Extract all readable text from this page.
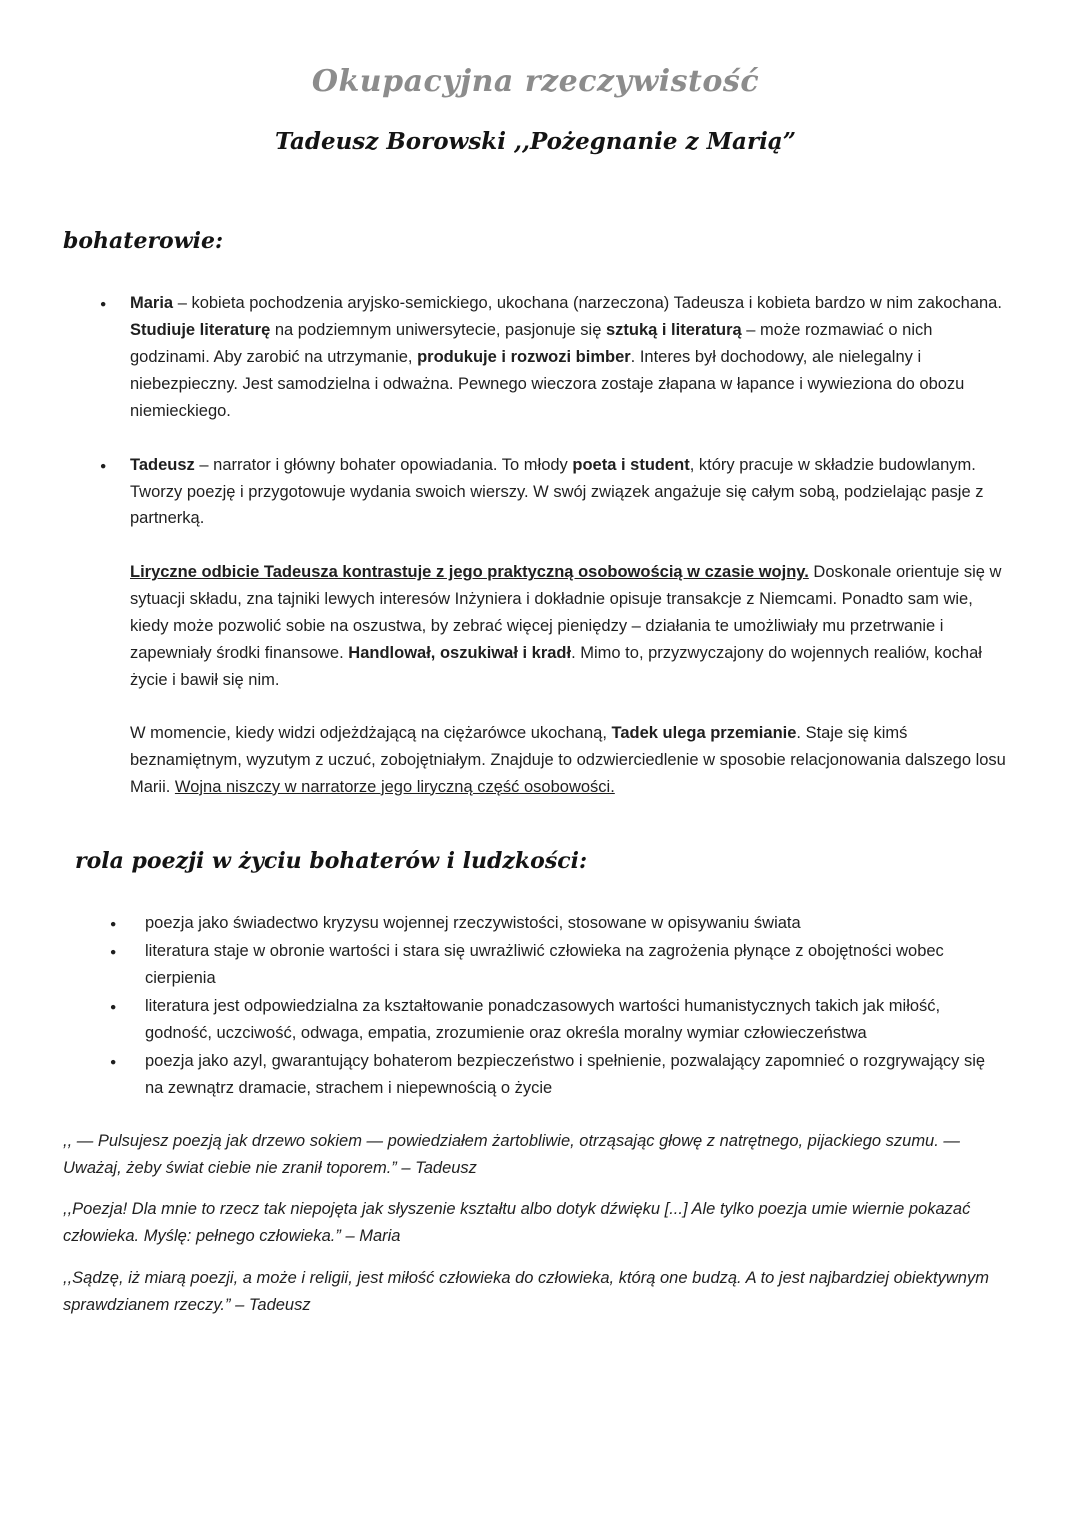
Okupacyjna rzeczywistość
Tadeusz Borowski ,,Pożegnanie z Marią”
bohaterowie:
●
Maria – kobieta pochodzenia aryjsko-semickiego, ukochana (narzeczona) Tadeusza i kobieta bardzo w nim zakochana. Studiuje literaturę na podziemnym uniwersytecie, pasjonuje się sztuką i literaturą – może rozmawiać o nich godzinami. Aby zarobić na utrzymanie, produkuje i rozwozi bimber. Interes był dochodowy, ale nielegalny i niebezpieczny. Jest samodzielna i odważna. Pewnego wieczora zostaje złapana w łapance i wywieziona do obozu niemieckiego.
●
Tadeusz – narrator i główny bohater opowiadania. To młody poeta i student, który pracuje w składzie budowlanym. Tworzy poezję i przygotowuje wydania swoich wierszy. W swój związek angażuje się całym sobą, podzielając pasje z partnerką.

Liryczne odbicie Tadeusza kontrastuje z jego praktyczną osobowością w czasie wojny. Doskonale orientuje się w sytuacji składu, zna tajniki lewych interesów Inżyniera i dokładnie opisuje transakcje z Niemcami. Ponadto sam wie, kiedy może pozwolić sobie na oszustwa, by zebrać więcej pieniędzy – działania te umożliwiały mu przetrwanie i zapewniały środki finansowe. Handlował, oszukiwał i kradł. Mimo to, przyzwyczajony do wojennych realiów, kochał życie i bawił się nim.

W momencie, kiedy widzi odjeżdżającą na ciężarówce ukochaną, Tadek ulega przemianie. Staje się kimś beznamiętnym, wyzutym z uczuć, zobojętniałym. Znajduje to odzwierciedlenie w sposobie relacjonowania dalszego losu Marii. Wojna niszczy w narratorze jego liryczną część osobowości.

rola poezji w życiu bohaterów i ludzkości:
●
poezja jako świadectwo kryzysu wojennej rzeczywistości, stosowane w opisywaniu świata
●
literatura staje w obronie wartości i stara się uwrażliwić człowieka na zagrożenia płynące z obojętności wobec cierpienia
●
literatura jest odpowiedzialna za kształtowanie ponadczasowych wartości humanistycznych takich jak miłość, godność, uczciwość, odwaga, empatia, zrozumienie oraz określa moralny wymiar człowieczeństwa
●
poezja jako azyl, gwarantujący bohaterom bezpieczeństwo i spełnienie, pozwalający zapomnieć o rozgrywający się na zewnątrz dramacie, strachem i niepewnością o życie

,, — Pulsujesz poezją jak drzewo sokiem — powiedziałem żartobliwie, otrząsając głowę z natrętnego, pijackiego szumu. — Uważaj, żeby świat ciebie nie zranił toporem.” – Tadeusz

,,Poezja! Dla mnie to rzecz tak niepojęta jak słyszenie kształtu albo dotyk dźwięku [...] Ale tylko poezja umie wiernie pokazać człowieka. Myślę: pełnego człowieka.” – Maria

,,Sądzę, iż miarą poezji, a może i religii, jest miłość człowieka do człowieka, którą one budzą. A to jest najbardziej obiektywnym sprawdzianem rzeczy.” – Tadeusz
